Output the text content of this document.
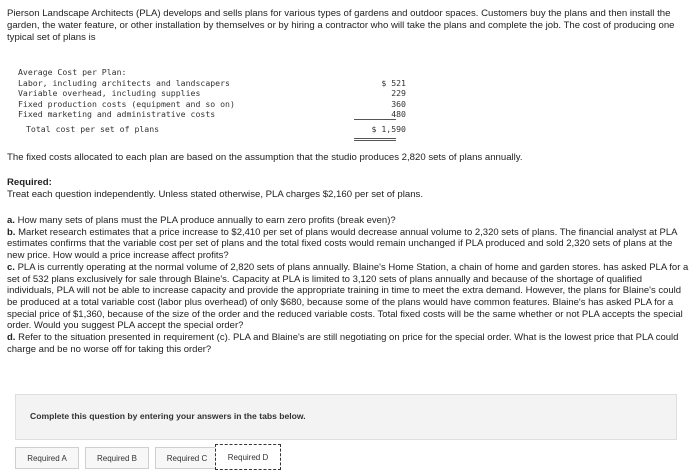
Pierson Landscape Architects (PLA) develops and sells plans for various types of gardens and outdoor spaces. Customers buy the plans and then install the garden, the water feature, or other installation by themselves or by hiring a contractor who will take the plans and complete the job. The cost of producing one typical set of plans is
Average Cost per Plan:
Labor, including architects and landscapers	$ 521
Variable overhead, including supplies	229
Fixed production costs (equipment and so on)	360
Fixed marketing and administrative costs	480
Total cost per set of plans	$ 1,590
The fixed costs allocated to each plan are based on the assumption that the studio produces 2,820 sets of plans annually.
Required:
Treat each question independently. Unless stated otherwise, PLA charges $2,160 per set of plans.

a. How many sets of plans must the PLA produce annually to earn zero profits (break even)?

b. Market research estimates that a price increase to $2,410 per set of plans would decrease annual volume to 2,320 sets of plans. The financial analyst at PLA estimates confirms that the variable cost per set of plans and the total fixed costs would remain unchanged if PLA produced and sold 2,320 sets of plans at the new price. How would a price increase affect profits?

c. PLA is currently operating at the normal volume of 2,820 sets of plans annually. Blaine's Home Station, a chain of home and garden stores. has asked PLA for a set of 532 plans exclusively for sale through Blaine's. Capacity at PLA is limited to 3,120 sets of plans annually and because of the shortage of qualified individuals, PLA will not be able to increase capacity and provide the appropriate training in time to meet the extra demand. However, the plans for Blaine's could be produced at a total variable cost (labor plus overhead) of only $680, because some of the plans would have common features. Blaine's has asked PLA for a special price of $1,360, because of the size of the order and the reduced variable costs. Total fixed costs will be the same whether or not PLA accepts the special order. Would you suggest PLA accept the special order?

d. Refer to the situation presented in requirement (c). PLA and Blaine's are still negotiating on price for the special order. What is the lowest price that PLA could charge and be no worse off for taking this order?

Complete this question by entering your answers in the tabs below.
Required A	Required B	Required C	Required D
